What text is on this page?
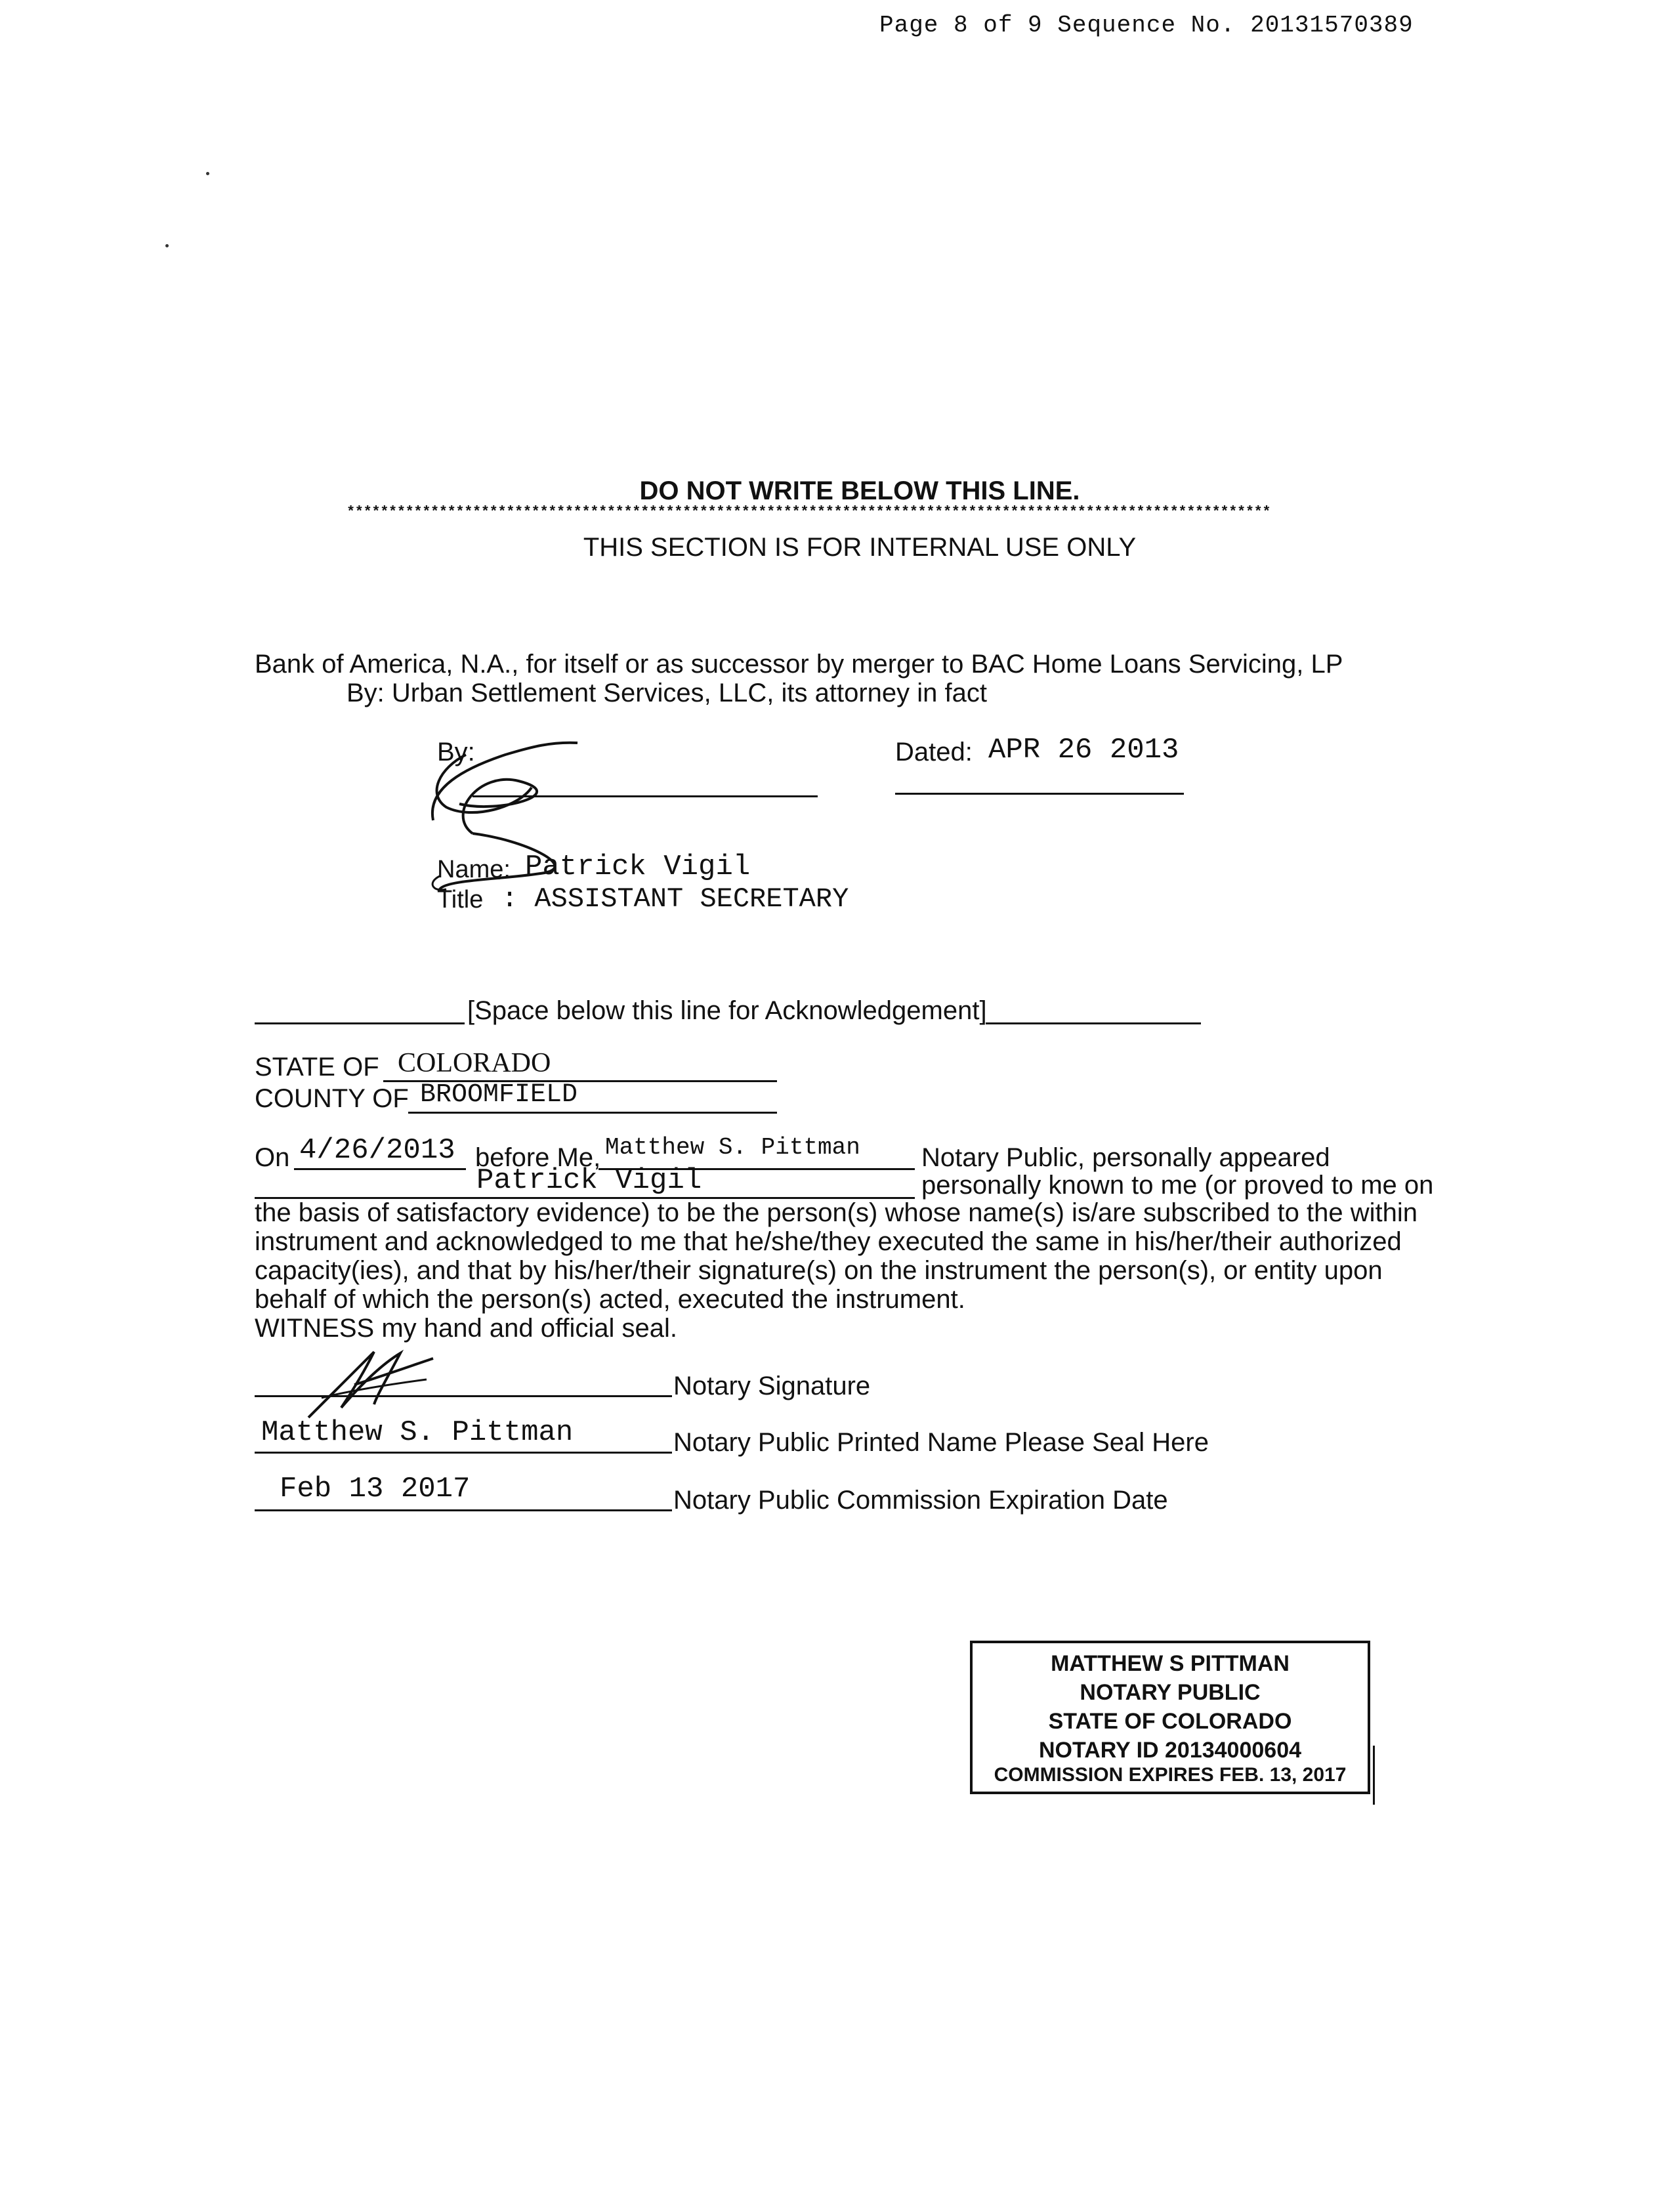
Page 8 of 9 Sequence No. 20131570389
DO NOT WRITE BELOW THIS LINE.
**************************************************************************************************************
THIS SECTION IS FOR INTERNAL USE ONLY
Bank of America, N.A., for itself or as successor by merger to BAC Home Loans Servicing, LP
By: Urban Settlement Services, LLC, its attorney in fact
By:	Dated: APR 26 2013
Name: Patrick Vigil
Title : ASSISTANT SECRETARY
[Space below this line for Acknowledgement]
STATE OF COLORADO
COUNTY OF BROOMFIELD
On 4/26/2013 before Me, Matthew S. Pittman Notary Public, personally appeared
Patrick Vigil	personally known to me (or proved to me on
the basis of satisfactory evidence) to be the person(s) whose name(s) is/are subscribed to the within
instrument and acknowledged to me that he/she/they executed the same in his/her/their authorized
capacity(ies), and that by his/her/their signature(s) on the instrument the person(s), or entity upon
behalf of which the person(s) acted, executed the instrument.
WITNESS my hand and official seal.
Notary Signature
Matthew S. Pittman	Notary Public Printed Name Please Seal Here
Feb 13 2017	Notary Public Commission Expiration Date
MATTHEW S PITTMAN
NOTARY PUBLIC
STATE OF COLORADO
NOTARY ID 20134000604
COMMISSION EXPIRES FEB. 13, 2017
